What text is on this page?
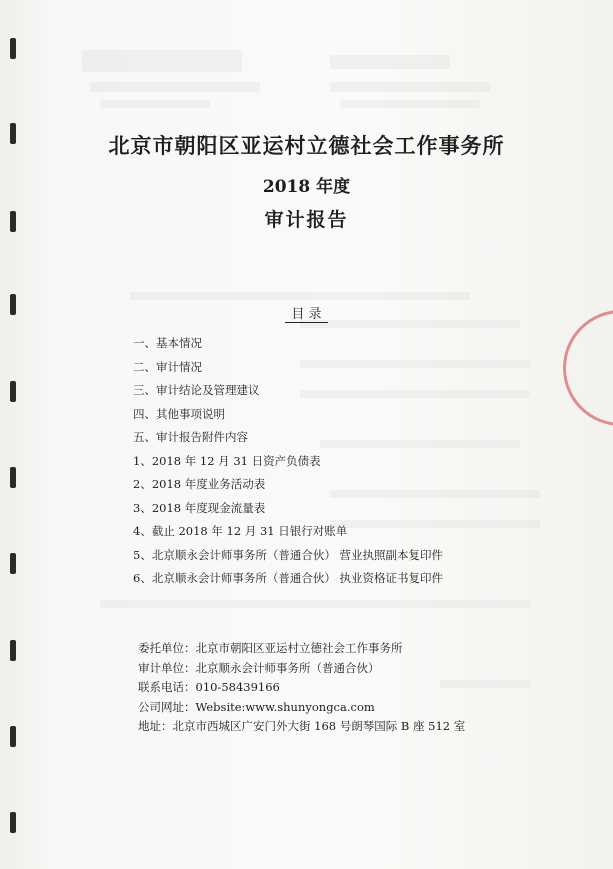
北京市朝阳区亚运村立德社会工作事务所
2018 年度
审计报告
目 录
一、基本情况
二、审计情况
三、审计结论及管理建议
四、其他事项说明
五、审计报告附件内容
1、2018 年 12 月 31 日资产负债表
2、2018 年度业务活动表
3、2018 年度现金流量表
4、截止 2018 年 12 月 31 日银行对账单
5、北京顺永会计师事务所（普通合伙） 营业执照副本复印件
6、北京顺永会计师事务所（普通合伙） 执业资格证书复印件
委托单位：北京市朝阳区亚运村立德社会工作事务所
审计单位：北京顺永会计师事务所（普通合伙）
联系电话：010-58439166
公司网址：Website:www.shunyongca.com
地址：北京市西城区广安门外大街 168 号朗琴国际 B 座 512 室
